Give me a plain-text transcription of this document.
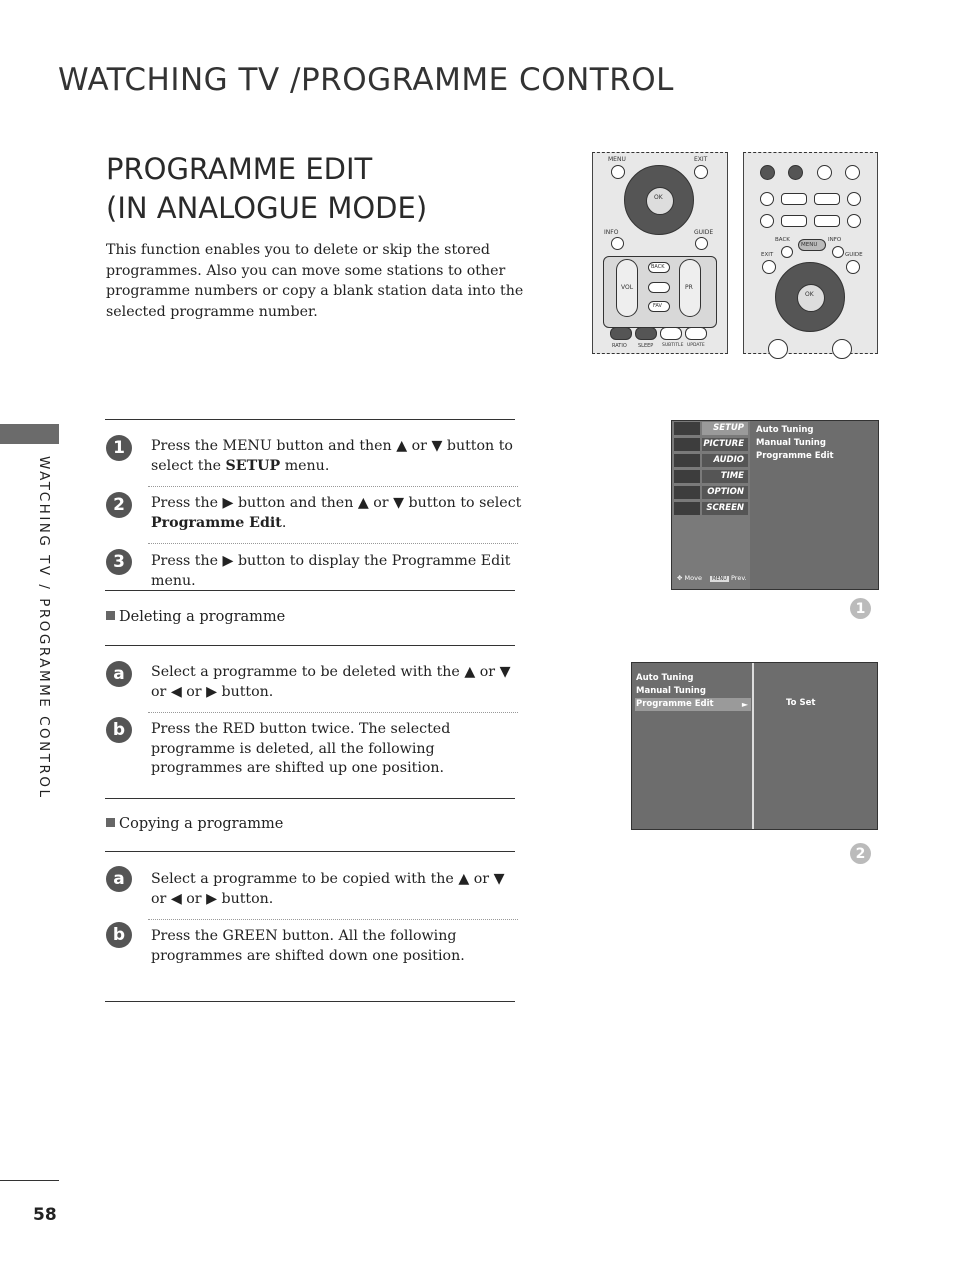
WATCHING TV /PROGRAMME CONTROL
PROGRAMME EDIT
(IN ANALOGUE MODE)
This function enables you to delete or skip the stored programmes. Also you can move some stations to other programme numbers or copy a blank station data into the selected programme number.
WATCHING TV / PROGRAMME CONTROL
58
MENU	EXIT
OK
INFO	GUIDE
VOL	PR
BACK
FAV
RATIO SLEEP SUBTITLE UPDATE
BACK	INFO
MENU
EXIT	GUIDE
OK
1	Press the MENU button and then ▲ or ▼ button to select the SETUP menu.
2	Press the ▶ button and then ▲ or ▼ button to select Programme Edit.
3	Press the ▶ button to display the Programme Edit menu.
Deleting a programme
a	Select a programme to be deleted with the ▲ or ▼ or ◀ or ▶ button.
b	Press the RED button twice. The selected programme is deleted, all the following programmes are shifted up one position.
Copying a programme
a	Select a programme to be copied with the ▲ or ▼ or ◀ or ▶ button.
b	Press the GREEN button. All the following programmes are shifted down one position.
SETUP
PICTURE
AUDIO
TIME
OPTION
SCREEN
Auto Tuning
Manual Tuning
Programme Edit
✥ Move MENU Prev.
1
Auto Tuning
Manual Tuning
Programme Edit	►	To Set
2
